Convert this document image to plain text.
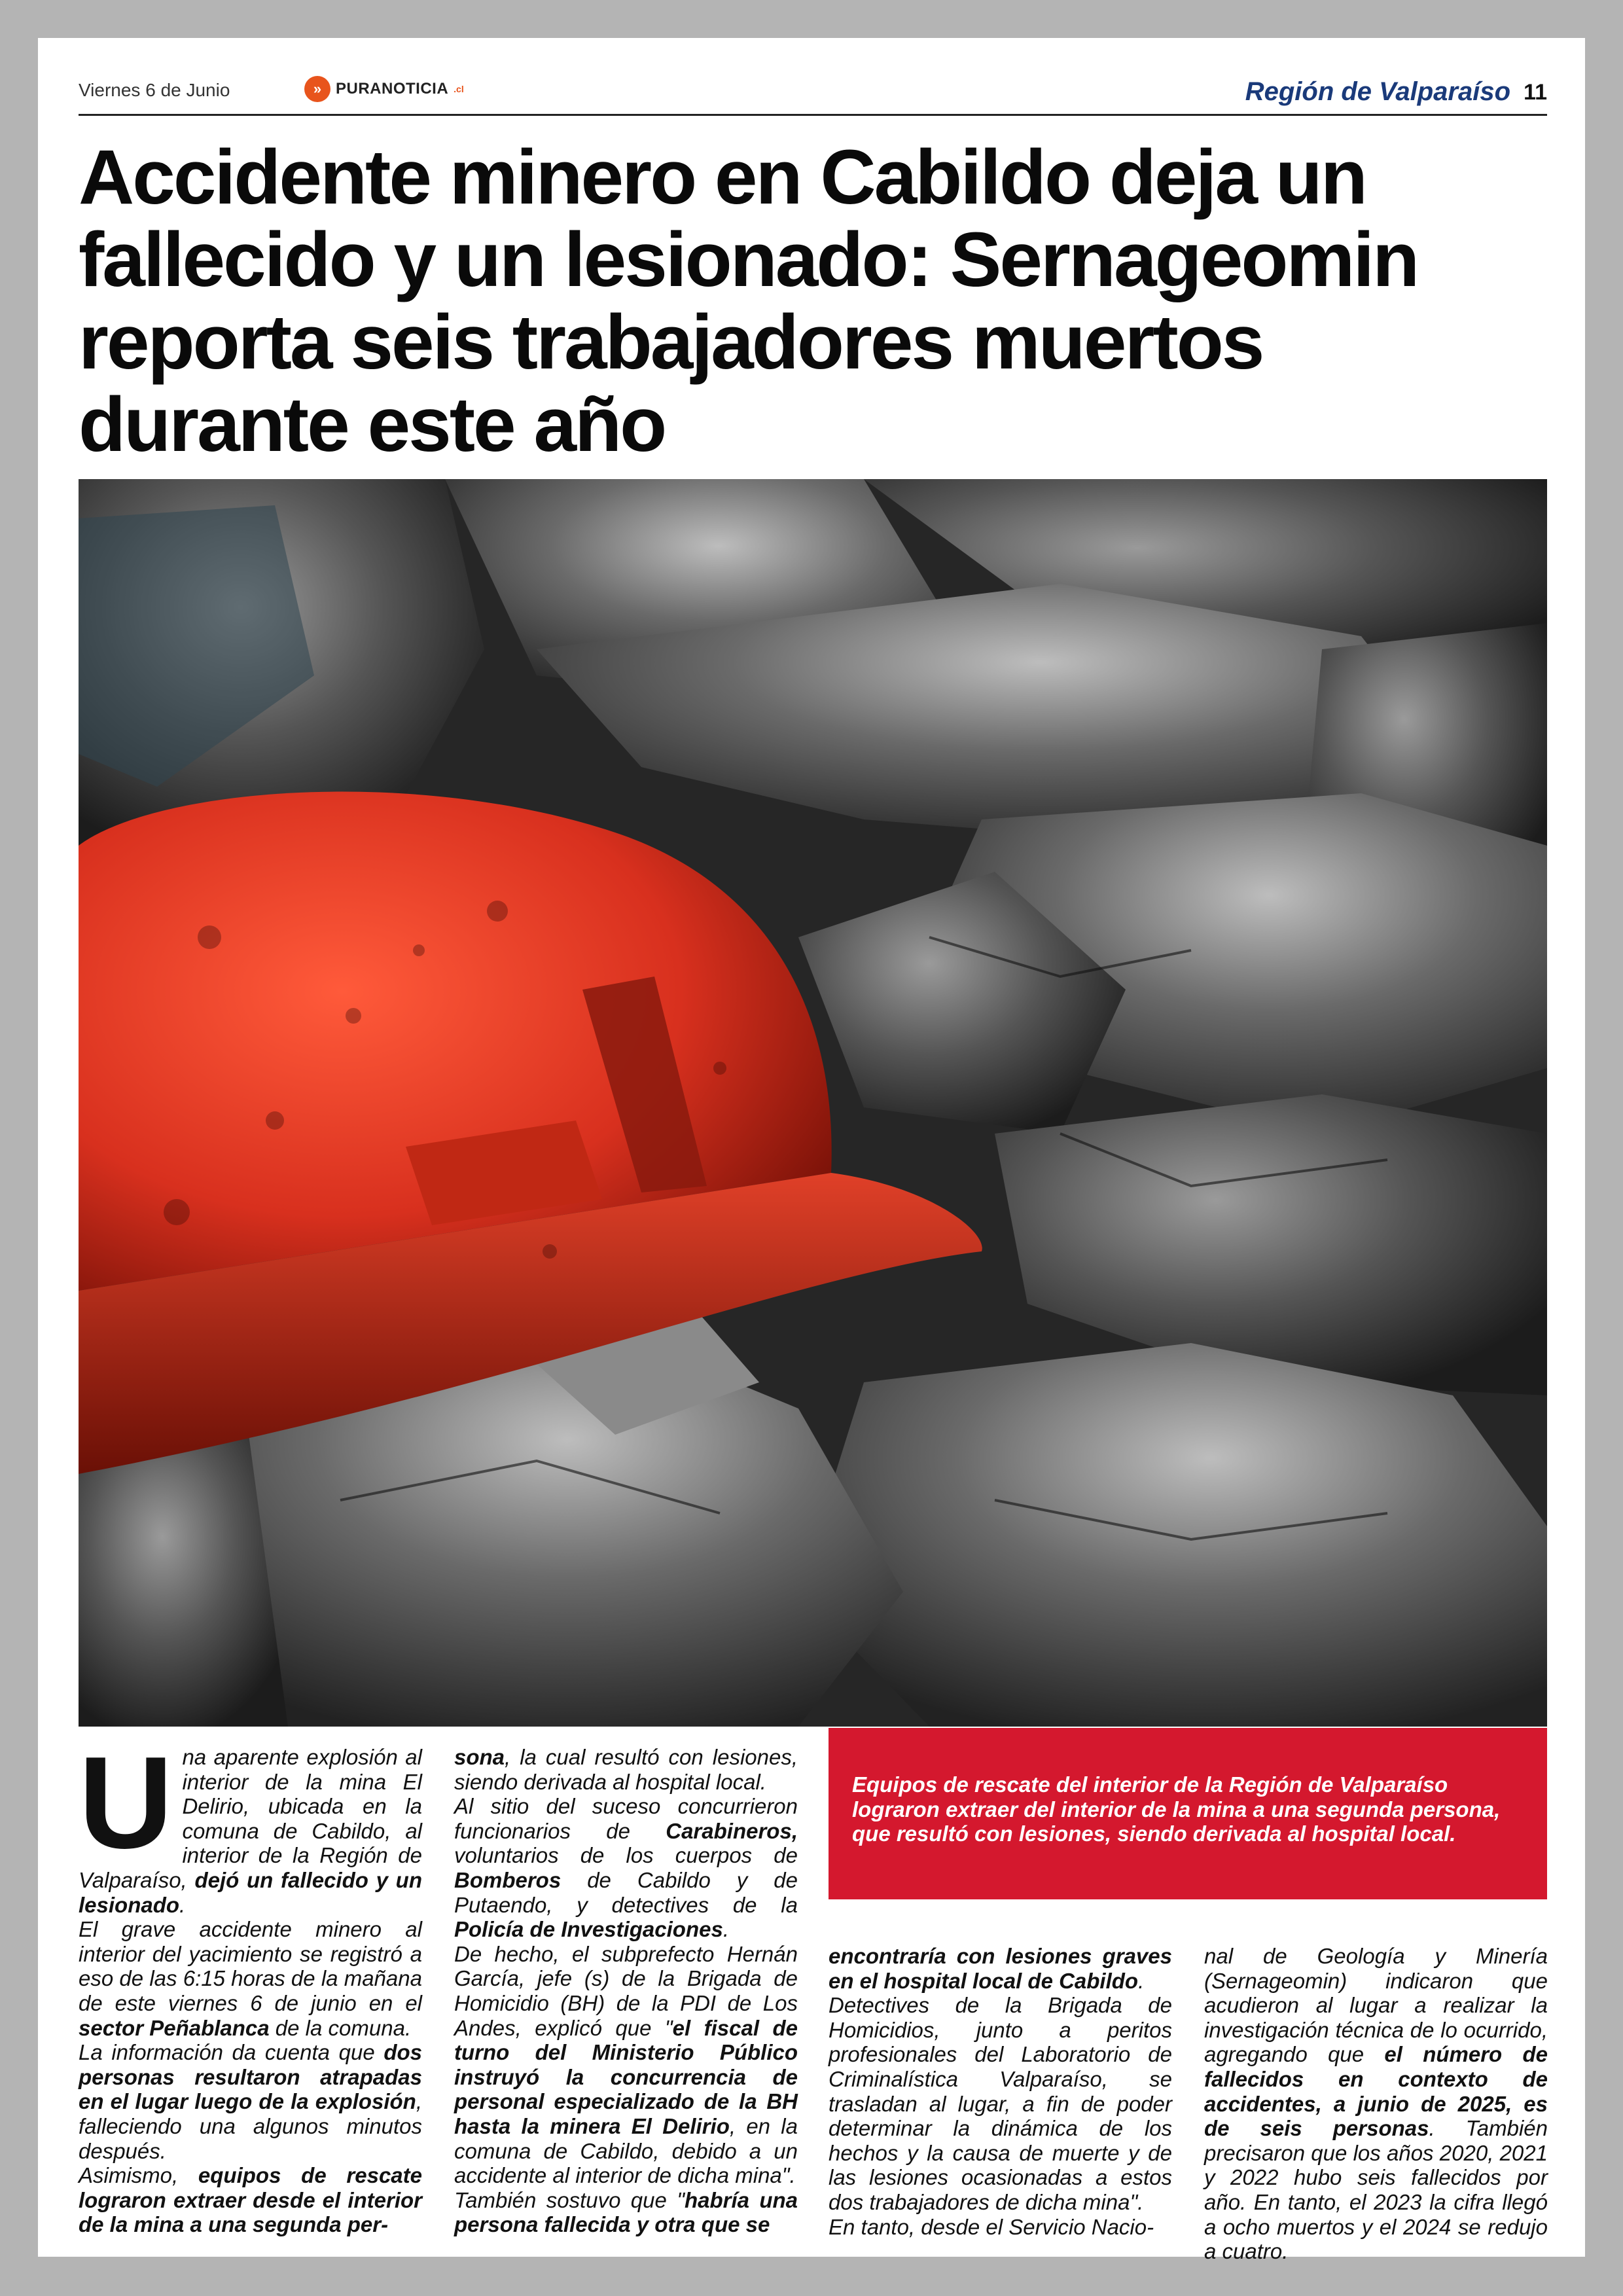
Viernes 6 de Junio	» PURANOTICIA .cl	Región de Valparaíso 11
Accidente minero en Cabildo deja un fallecido y un lesionado: Sernageomin reporta seis trabajadores muertos durante este año

U na aparente explosión al interior de la mina El Delirio, ubicada en la comuna de Cabildo, al interior de la Región de Valparaíso, dejó un fallecido y un lesionado.

El grave accidente minero al interior del yacimiento se registró a eso de las 6:15 horas de la mañana de este viernes 6 de junio en el sector Peñablanca de la comuna.

La información da cuenta que dos personas resultaron atrapadas en el lugar luego de la explosión, falleciendo una algunos minutos después.

Asimismo, equipos de rescate lograron extraer desde el interior de la mina a una segunda per-

sona, la cual resultó con lesiones, siendo derivada al hospital local.

Al sitio del suceso concurrieron funcionarios de Carabineros, voluntarios de los cuerpos de Bomberos de Cabildo y de Putaendo, y detectives de la Policía de Investigaciones.

De hecho, el subprefecto Hernán García, jefe (s) de la Brigada de Homicidio (BH) de la PDI de Los Andes, explicó que "el fiscal de turno del Ministerio Público instruyó la concurrencia de personal especializado de la BH hasta la minera El Delirio, en la comuna de Cabildo, debido a un accidente al interior de dicha mina".

También sostuvo que "habría una persona fallecida y otra que se

Equipos de rescate del interior de la Región de Valparaíso lograron extraer del interior de la mina a una segunda persona, que resultó con lesiones, siendo derivada al hospital local.

encontraría con lesiones graves en el hospital local de Cabildo.

Detectives de la Brigada de Homicidios, junto a peritos profesionales del Laboratorio de Criminalística Valparaíso, se trasladan al lugar, a fin de poder determinar la dinámica de los hechos y la causa de muerte y de las lesiones ocasionadas a estos dos trabajadores de dicha mina".

En tanto, desde el Servicio Nacio-

nal de Geología y Minería (Sernageomin) indicaron que acudieron al lugar a realizar la investigación técnica de lo ocurrido, agregando que el número de fallecidos en contexto de accidentes, a junio de 2025, es de seis personas. También precisaron que los años 2020, 2021 y 2022 hubo seis fallecidos por año. En tanto, el 2023 la cifra llegó a ocho muertos y el 2024 se redujo a cuatro.
